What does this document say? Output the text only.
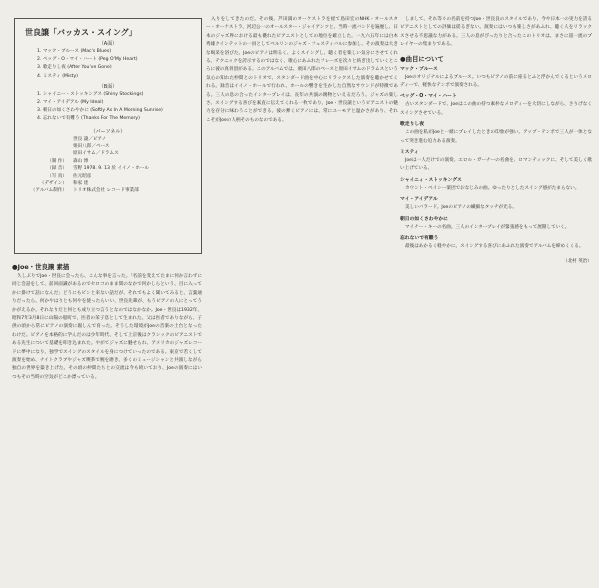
世良譲「バッカス・スイング」
（A面）
1. マック・ブルース (Mac's Blues)
2. ペッグ・O・マイ・ハート (Peg O'My Heart)
3. 歌走りし夜 (After You've Gone)
4. ミスティ (Misty)
（B面）
1. シャイニー・ストッキングス (Shiny Stockings)
2. マイ・アイデアル (My Ideal)
3. 朝日の如くさわやかに (Softly As In A Morning Sunrise)
4. 忘れないで有難う (Thanks For The Memory)
（パーソネル）
世良 譲／ピアノ
栗田八郎／ベース
原田イサム／ドラムス
（制 作） 森山 博
（録 音） 雪野 1978. 9. 13 於 イイノ・ホール
（写 真） 佐元昭彦
（デザイン） 和家 達
（アルバム制作） トリオ株式会社 レコード事業部
●Joe・世良譲 素描

久しぶりでJoe・世良に会ったら、こんな事を言った。「名前を変えてたまに何か言わずに同じ会話をして、前回面識があるのでセロコのまま間のなかで何かしらという、目に入ってかに掛けて話になんだ」どうにもビンと来ない話だが、それでもよく聞いてみると、言葉通りだったら、何かやはりとも何やを使ったらいい、世良先輩が、もうピアノの人にとってうかがえるか。それなりだと何とも成り立つ言うとなのではなかなか。Joe・世良は1932年、昭和7年3月8日に山陽の船町で、医者の茉子息として生まれた。父は医者でありながら、子供の頃から常にピアノの演奏に親しんで育った。そうした環境がJoeの音楽の土台となったわけだ。ピアノを本格的に学んだのは少年時代、そして上京後はクラシックのピアニストである先生について基礎を叩き込まれた。やがてジャズに魅せられ、アメリカのジャズレコードに夢中になり、独学でスイングのスタイルを身につけていったのである。東京で若くして演奏を始め、ナイトクラブやジャズ喫茶で腕を磨き、多くのミュージシャンと共演しながら独自の世界を築き上げた。その頃の仲間たちとの交流は今も続いており、Joeの演奏にはいつもその当時の空気がどこか漂っている。

入りをしてきたのだ。その後、芦田満のオーケストラを経て島田宏のNHK・オールスター・オーケストラ、河辺公一のオールスター・ジャイアンツと、当時一流バンドを遍歴し、日本のジャズ界における最も優れたピアニストとしての地位を確立した。一九六五年には白木秀雄クインテットの一員としてベルリンのジャズ・フェスティバルに参加し、その演奏は大きな喝采を浴びた。Joeのピアノは明るく、よくスイングし、聴く者を楽しい気分にさせてくれる。テクニックを誇示するのではなく、歌心にあふれたフレーズを次々と紡ぎ出していくところに彼の真骨頂がある。このアルバムでは、栗田八郎のベースと原田イサムのドラムスという気心の知れた仲間とのトリオで、スタンダード曲を中心にリラックスした演奏を聴かせてくれる。録音はイイノ・ホールで行われ、ホールの響きを生かした自然なサウンドが特徴である。三人の息の合ったインタープレイは、長年の共演の賜物といえるだろう。ジャズの楽しさ、スイングする喜びを素直に伝えてくれる一枚であり、Joe・世良譲というピアニストの魅力を存分に味わうことができる。彼の弾くピアノには、常にユーモアと温かさがあり、それこそがJoeの人柄そのものなのである。

しまして、それ等々の名前を持つJoe・世良良のスタイルであり、今や日本一の実力を誇るピアニストとしての評価は揺るぎない。演奏にはいつも楽しさがあふれ、聴く人をリラックスさせる不思議な力がある。三人の息がぴったりと合ったこのトリオは、まさに超一流のプレイヤーの集まりである。

●曲目について
マック・ブルース

Joeのオリジナルによるブルース。いつもピアノの前に座るとふと浮かんでくるというメロディーで、軽快なテンポで演奏される。

ペッグ・O・マイ・ハート

古いスタンダードで、Joeはこの曲の持つ素朴なメロディーを大切にしながら、さりげなくスイングさせている。

歌走りし夜

この曲を私がJoeと一緒にプレイしたときの印象が強い。アップ・テンポで三人が一体となって突き進む迫力ある演奏。

ミスティ

Joeは一人だけでの演奏。エロル・ガーナーの名曲を、ロマンティックに、そして美しく歌い上げている。

シャイニィ・ストッキングス

カウント・ベイシー楽団でおなじみの曲。ゆったりとしたスイング感がたまらない。

マイ・アイデアル

美しいバラード。Joeのピアノの繊細なタッチが光る。

朝日の如くさわやかに

マイナー・キーの名曲。三人のインタープレイが緊張感をもって展開していく。

忘れないで有難う

最後はあかるく軽やかに。スイングする喜びにあふれた演奏でアルバムを締めくくる。

（北村 英治）
